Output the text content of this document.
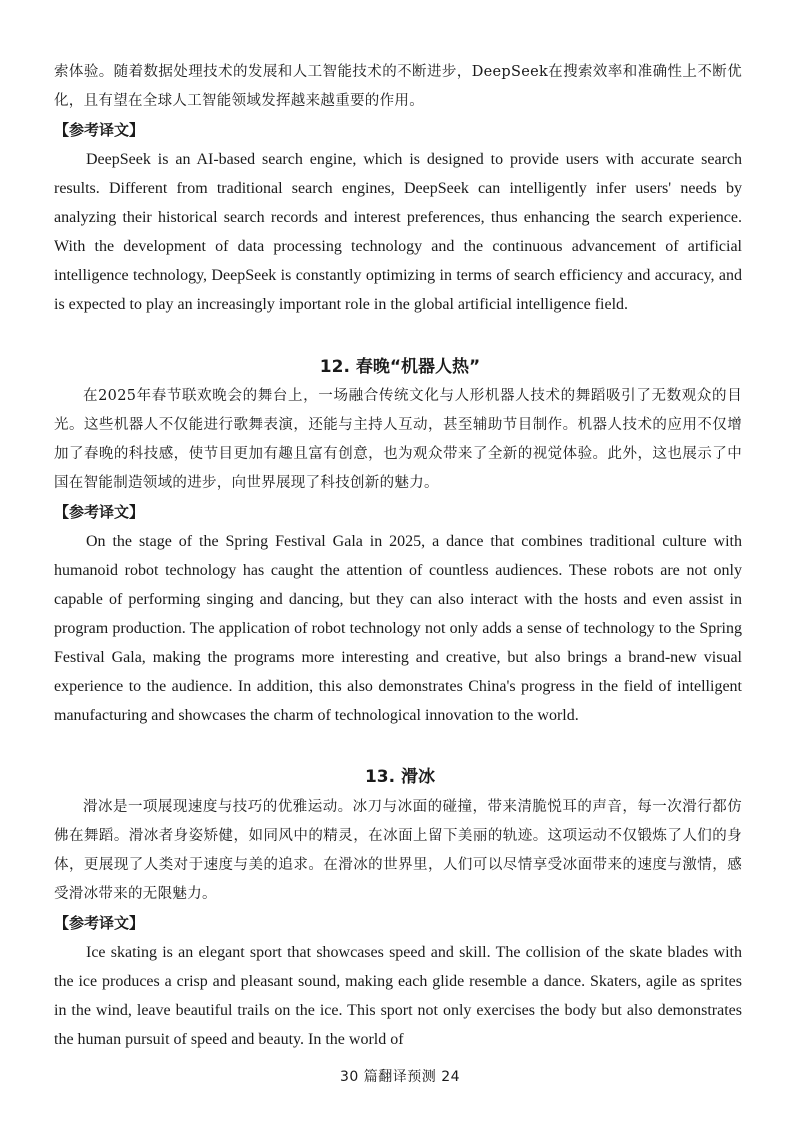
索体验。随着数据处理技术的发展和人工智能技术的不断进步，DeepSeek在搜索效率和准确性上不断优化，且有望在全球人工智能领域发挥越来越重要的作用。

【参考译文】

DeepSeek is an AI-based search engine, which is designed to provide users with accurate search results. Different from traditional search engines, DeepSeek can intelligently infer users' needs by analyzing their historical search records and interest preferences, thus enhancing the search experience. With the development of data processing technology and the continuous advancement of artificial intelligence technology, DeepSeek is constantly optimizing in terms of search efficiency and accuracy, and is expected to play an increasingly important role in the global artificial intelligence field.

12. 春晚“机器人热”

在2025年春节联欢晚会的舞台上，一场融合传统文化与人形机器人技术的舞蹈吸引了无数观众的目光。这些机器人不仅能进行歌舞表演，还能与主持人互动，甚至辅助节目制作。机器人技术的应用不仅增加了春晚的科技感，使节目更加有趣且富有创意，也为观众带来了全新的视觉体验。此外，这也展示了中国在智能制造领域的进步，向世界展现了科技创新的魅力。

【参考译文】

On the stage of the Spring Festival Gala in 2025, a dance that combines traditional culture with humanoid robot technology has caught the attention of countless audiences. These robots are not only capable of performing singing and dancing, but they can also interact with the hosts and even assist in program production. The application of robot technology not only adds a sense of technology to the Spring Festival Gala, making the programs more interesting and creative, but also brings a brand-new visual experience to the audience. In addition, this also demonstrates China's progress in the field of intelligent manufacturing and showcases the charm of technological innovation to the world.

13. 滑冰

滑冰是一项展现速度与技巧的优雅运动。冰刀与冰面的碰撞，带来清脆悦耳的声音，每一次滑行都仿佛在舞蹈。滑冰者身姿矫健，如同风中的精灵，在冰面上留下美丽的轨迹。这项运动不仅锻炼了人们的身体，更展现了人类对于速度与美的追求。在滑冰的世界里，人们可以尽情享受冰面带来的速度与激情，感受滑冰带来的无限魅力。

【参考译文】

Ice skating is an elegant sport that showcases speed and skill. The collision of the skate blades with the ice produces a crisp and pleasant sound, making each glide resemble a dance. Skaters, agile as sprites in the wind, leave beautiful trails on the ice. This sport not only exercises the body but also demonstrates the human pursuit of speed and beauty. In the world of

30 篇翻译预测 24
